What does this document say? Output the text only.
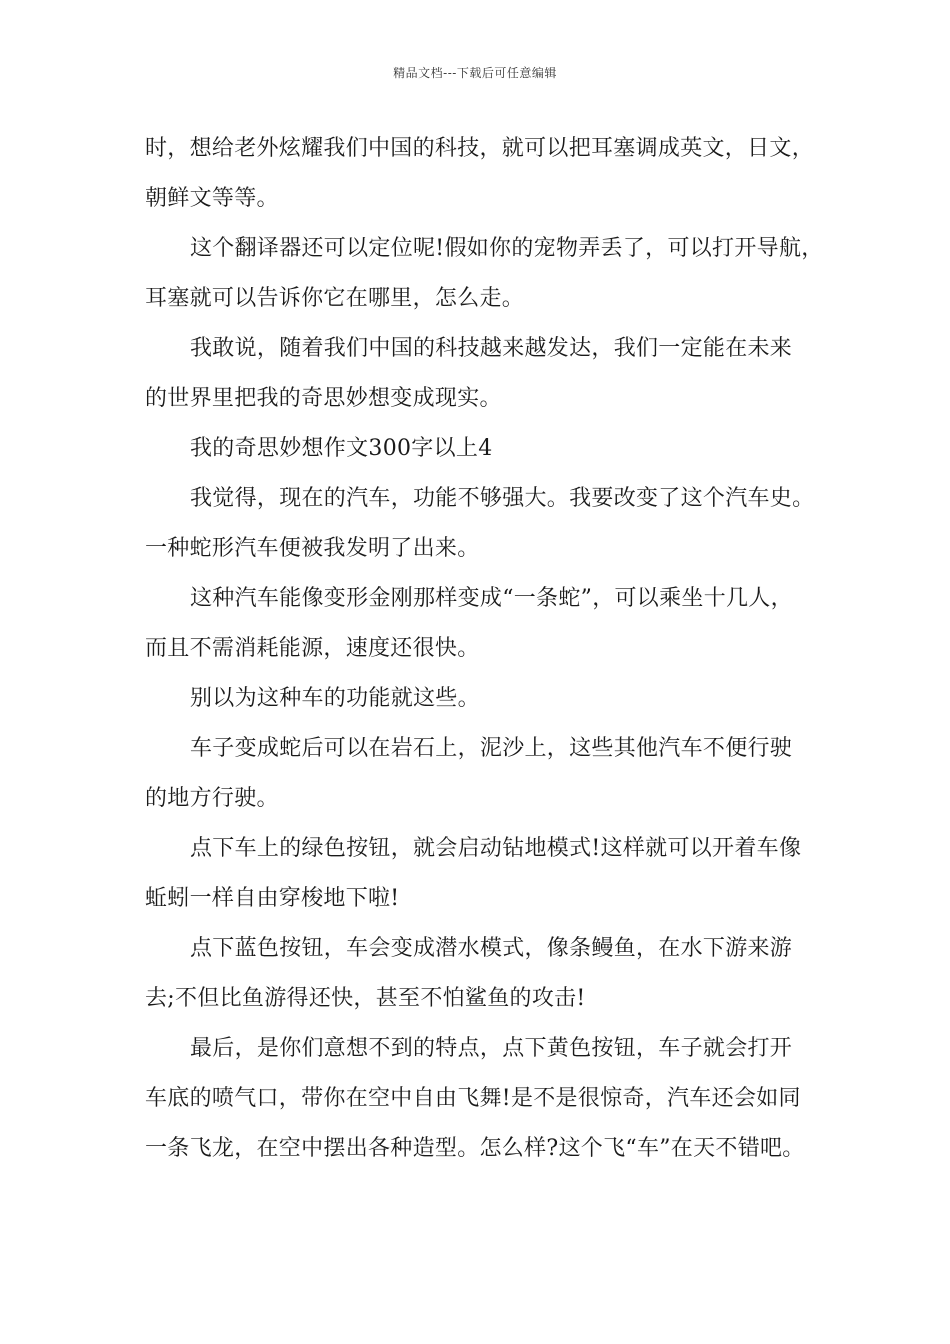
精品文档---下载后可任意编辑
时，想给老外炫耀我们中国的科技，就可以把耳塞调成英文，日文，
朝鲜文等等。
这个翻译器还可以定位呢!假如你的宠物弄丢了，可以打开导航，
耳塞就可以告诉你它在哪里，怎么走。
我敢说，随着我们中国的科技越来越发达，我们一定能在未来
的世界里把我的奇思妙想变成现实。
我的奇思妙想作文300字以上4
我觉得，现在的汽车，功能不够强大。我要改变了这个汽车史。
一种蛇形汽车便被我发明了出来。
这种汽车能像变形金刚那样变成“一条蛇”，可以乘坐十几人，
而且不需消耗能源，速度还很快。
别以为这种车的功能就这些。
车子变成蛇后可以在岩石上，泥沙上，这些其他汽车不便行驶
的地方行驶。
点下车上的绿色按钮，就会启动钻地模式!这样就可以开着车像
蚯蚓一样自由穿梭地下啦!
点下蓝色按钮，车会变成潜水模式，像条鳗鱼，在水下游来游
去;不但比鱼游得还快，甚至不怕鲨鱼的攻击!
最后，是你们意想不到的特点，点下黄色按钮，车子就会打开
车底的喷气口，带你在空中自由飞舞!是不是很惊奇，汽车还会如同
一条飞龙，在空中摆出各种造型。怎么样?这个飞“车”在天不错吧。
